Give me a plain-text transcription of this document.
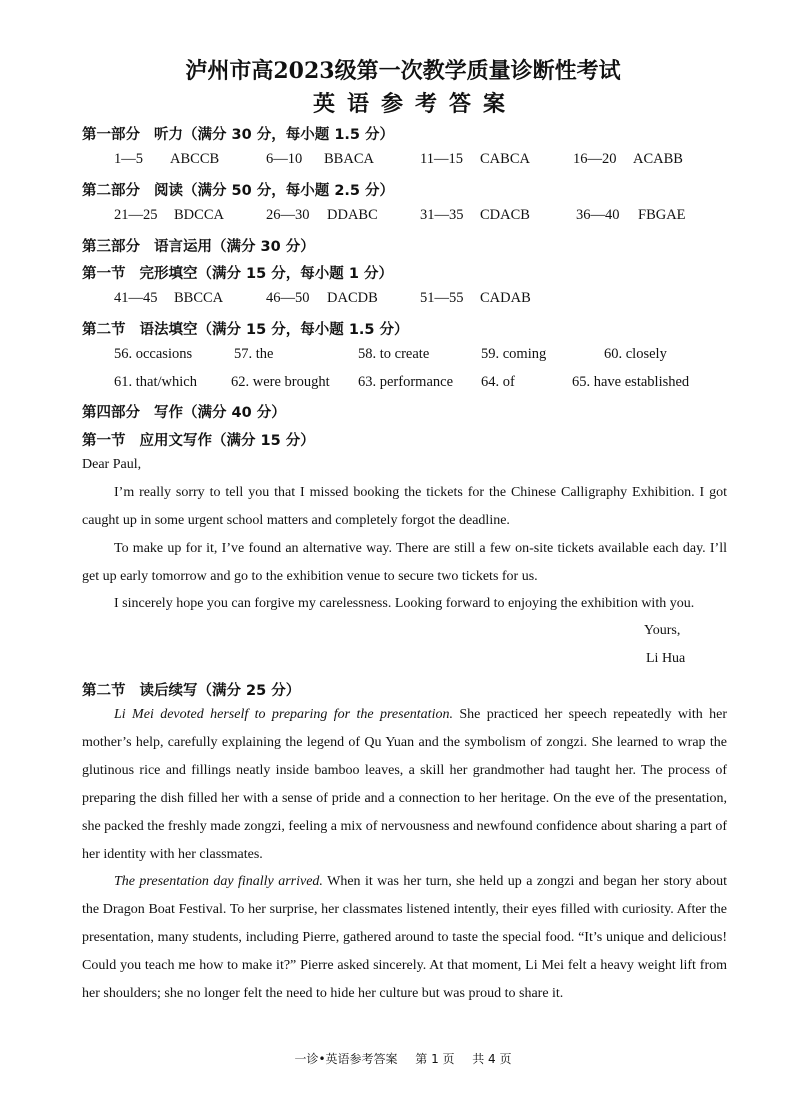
泸州市高2023级第一次教学质量诊断性考试
英语参考答案
第一部分 听力（满分 30 分，每小题 1.5 分）
1—5 ABCCB	6—10 BBACA	11—15 CABCA	16—20 ACABB
第二部分 阅读（满分 50 分，每小题 2.5 分）
21—25 BDCCA	26—30 DDABC	31—35 CDACB	36—40 FBGAE
第三部分 语言运用（满分 30 分）
第一节 完形填空（满分 15 分，每小题 1 分）
41—45 BBCCA	46—50 DACDB	51—55 CADAB
第二节 语法填空（满分 15 分，每小题 1.5 分）
56. occasions	57. the	58. to create	59. coming	60. closely
61. that/which 62. were brought 63. performance 64. of	65. have established
第四部分 写作（满分 40 分）
第一节 应用文写作（满分 15 分）
Dear Paul,
I’m really sorry to tell you that I missed booking the tickets for the Chinese Calligraphy Exhibition. I got caught up in some urgent school matters and completely forgot the deadline.
To make up for it, I’ve found an alternative way. There are still a few on-site tickets available each day. I’ll get up early tomorrow and go to the exhibition venue to secure two tickets for us.
I sincerely hope you can forgive my carelessness. Looking forward to enjoying the exhibition with you.
Yours,
Li Hua
第二节 读后续写（满分 25 分）
Li Mei devoted herself to preparing for the presentation. She practiced her speech repeatedly with her mother’s help, carefully explaining the legend of Qu Yuan and the symbolism of zongzi. She learned to wrap the glutinous rice and fillings neatly inside bamboo leaves, a skill her grandmother had taught her. The process of preparing the dish filled her with a sense of pride and a connection to her heritage. On the eve of the presentation, she packed the freshly made zongzi, feeling a mix of nervousness and newfound confidence about sharing a part of her identity with her classmates.
The presentation day finally arrived. When it was her turn, she held up a zongzi and began her story about the Dragon Boat Festival. To her surprise, her classmates listened intently, their eyes filled with curiosity. After the presentation, many students, including Pierre, gathered around to taste the special food. “It’s unique and delicious! Could you teach me how to make it?” Pierre asked sincerely. At that moment, Li Mei felt a heavy weight lift from her shoulders; she no longer felt the need to hide her culture but was proud to share it.
一诊•英语参考答案 第 1 页 共 4 页
